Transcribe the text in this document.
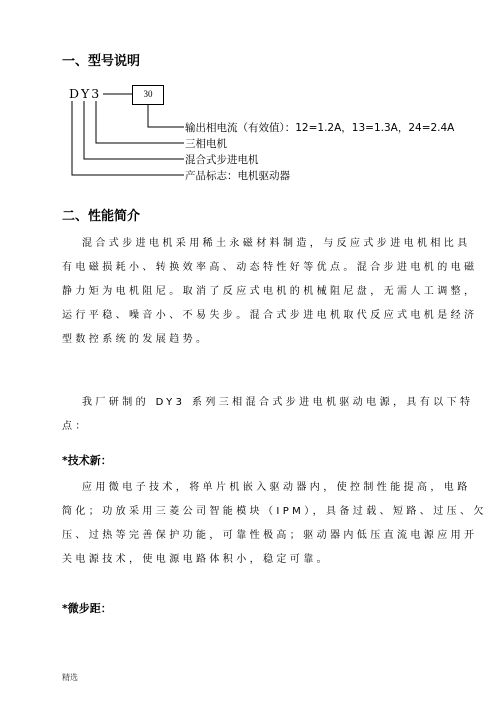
一、型号说明
DY3	30
输出相电流（有效值）：12=1.2A，13=1.3A，24=2.4A
三相电机
混合式步进电机
产品标志：电机驱动器
二、性能简介
混合式步进电机采用稀土永磁材料制造，与反应式步进电机相比具
有电磁损耗小、转换效率高、动态特性好等优点。混合步进电机的电磁
静力矩为电机阻尼。取消了反应式电机的机械阻尼盘，无需人工调整，
运行平稳、噪音小、不易失步。混合式步进电机取代反应式电机是经济
型数控系统的发展趋势。
我厂研制的 DY3 系列三相混合式步进电机驱动电源，具有以下特
点：
*技术新：
应用微电子技术，将单片机嵌入驱动器内，使控制性能提高，电路
简化；功放采用三菱公司智能模块（IPM），具备过载、短路、过压、欠
压、过热等完善保护功能，可靠性极高；驱动器内低压直流电源应用开
关电源技术，使电源电路体积小，稳定可靠。
*微步距：
精选
